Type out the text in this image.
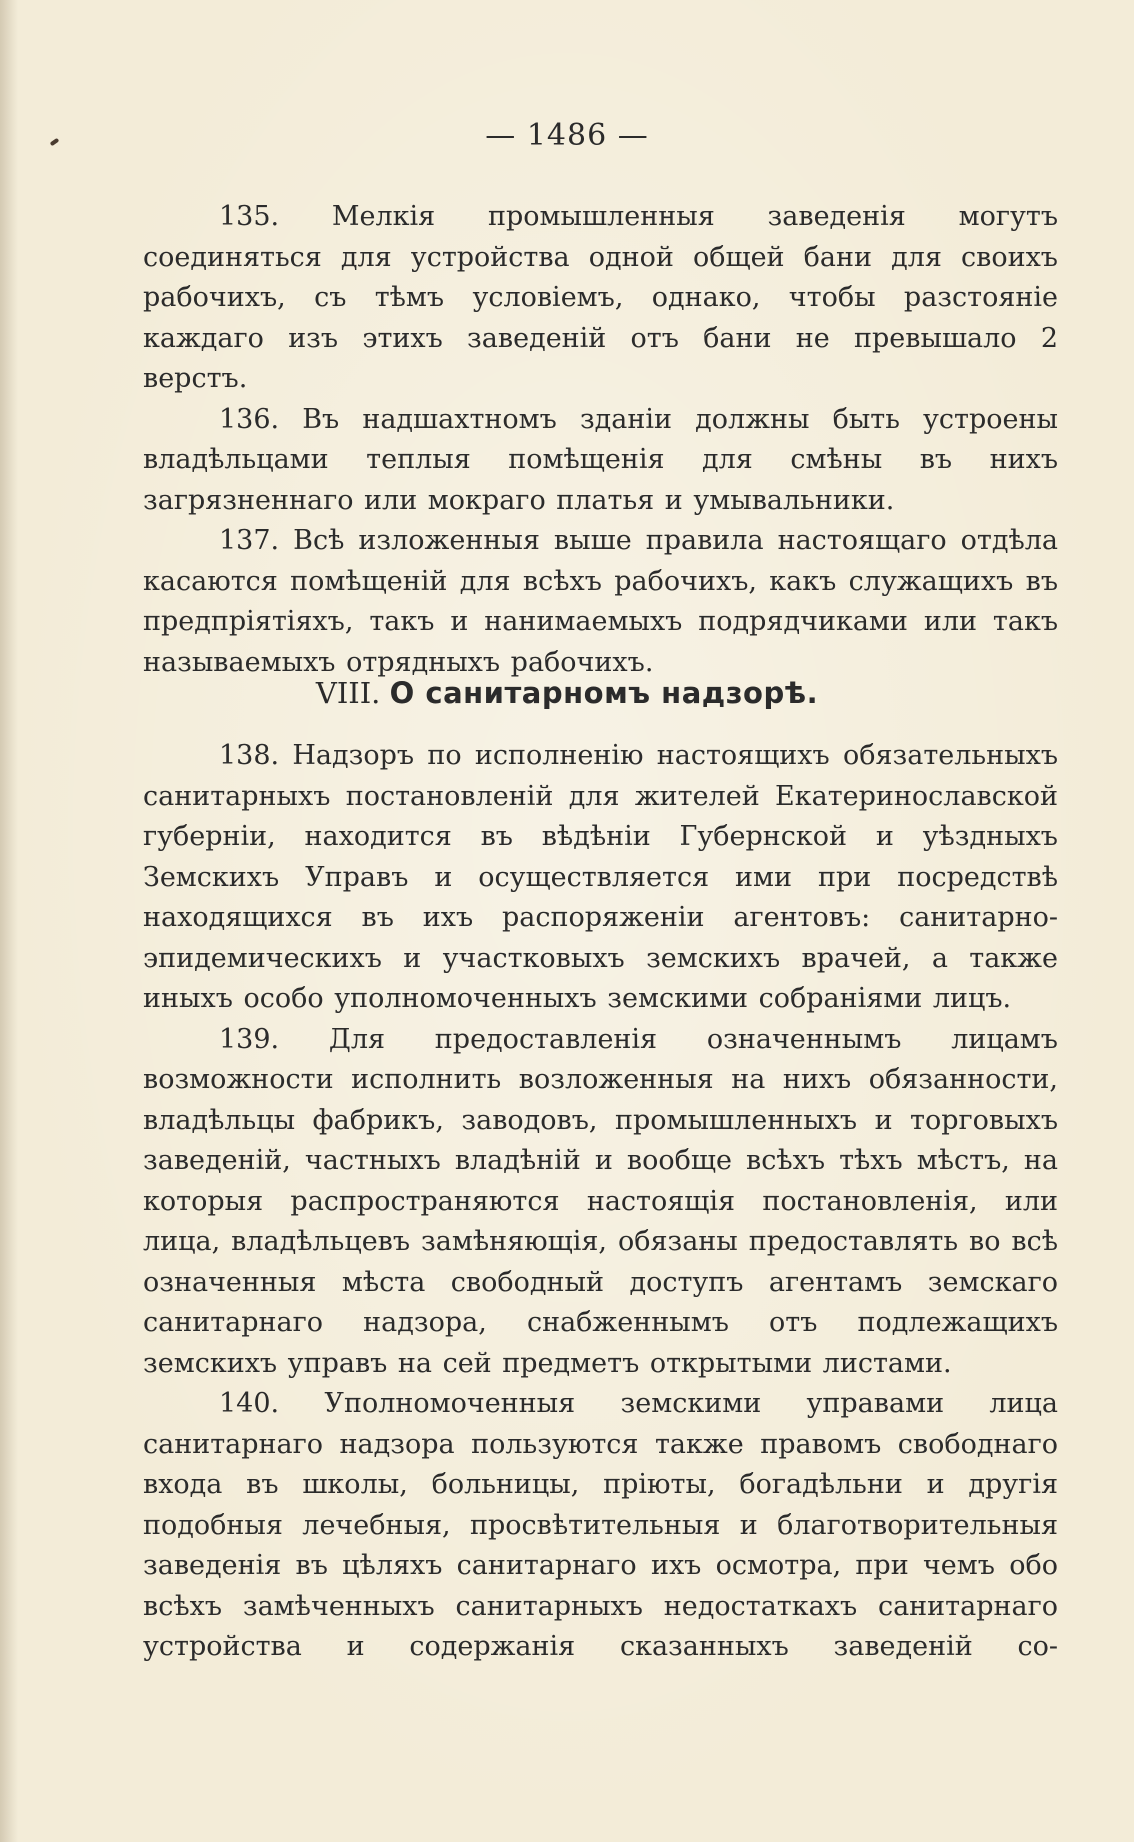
— 1486 —

135. Мелкія промышленныя заведенія могутъ соединяться для устройства одной общей бани для своихъ рабочихъ, съ тѣмъ условіемъ, однако, чтобы разстояніе каждаго изъ этихъ заведеній отъ бани не превышало 2 верстъ.

136. Въ надшахтномъ зданіи должны быть устроены владѣльцами теплыя помѣщенія для смѣны въ нихъ загрязненнаго или мокраго платья и умывальники.

137. Всѣ изложенныя выше правила настоящаго отдѣла касаются помѣщеній для всѣхъ рабочихъ, какъ служащихъ въ предпріятіяхъ, такъ и нанимаемыхъ подрядчиками или такъ называемыхъ отрядныхъ рабочихъ.

VIII. О санитарномъ надзорѣ.

138. Надзоръ по исполненію настоящихъ обязательныхъ санитарныхъ постановленій для жителей Екатеринославской губерніи, находится въ вѣдѣніи Губернской и уѣздныхъ Земскихъ Управъ и осуществляется ими при посредствѣ находящихся въ ихъ распоряженіи агентовъ: санитарно-эпидемическихъ и участковыхъ земскихъ врачей, а также иныхъ особо уполномоченныхъ земскими собраніями лицъ.

139. Для предоставленія означеннымъ лицамъ возможности исполнить возложенныя на нихъ обязанности, владѣльцы фабрикъ, заводовъ, промышленныхъ и торговыхъ заведеній, частныхъ владѣній и вообще всѣхъ тѣхъ мѣстъ, на которыя распространяются настоящія постановленія, или лица, владѣльцевъ замѣняющія, обязаны предоставлять во всѣ означенныя мѣста свободный доступъ агентамъ земскаго санитарнаго надзора, снабженнымъ отъ подлежащихъ земскихъ управъ на сей предметъ открытыми листами.

140. Уполномоченныя земскими управами лица санитарнаго надзора пользуются также правомъ свободнаго входа въ школы, больницы, пріюты, богадѣльни и другія подобныя лечебныя, просвѣтительныя и благотворительныя заведенія въ цѣляхъ санитарнаго ихъ осмотра, при чемъ обо всѣхъ замѣченныхъ санитарныхъ недостаткахъ санитарнаго устройства и содержанія сказанныхъ заведеній со-
